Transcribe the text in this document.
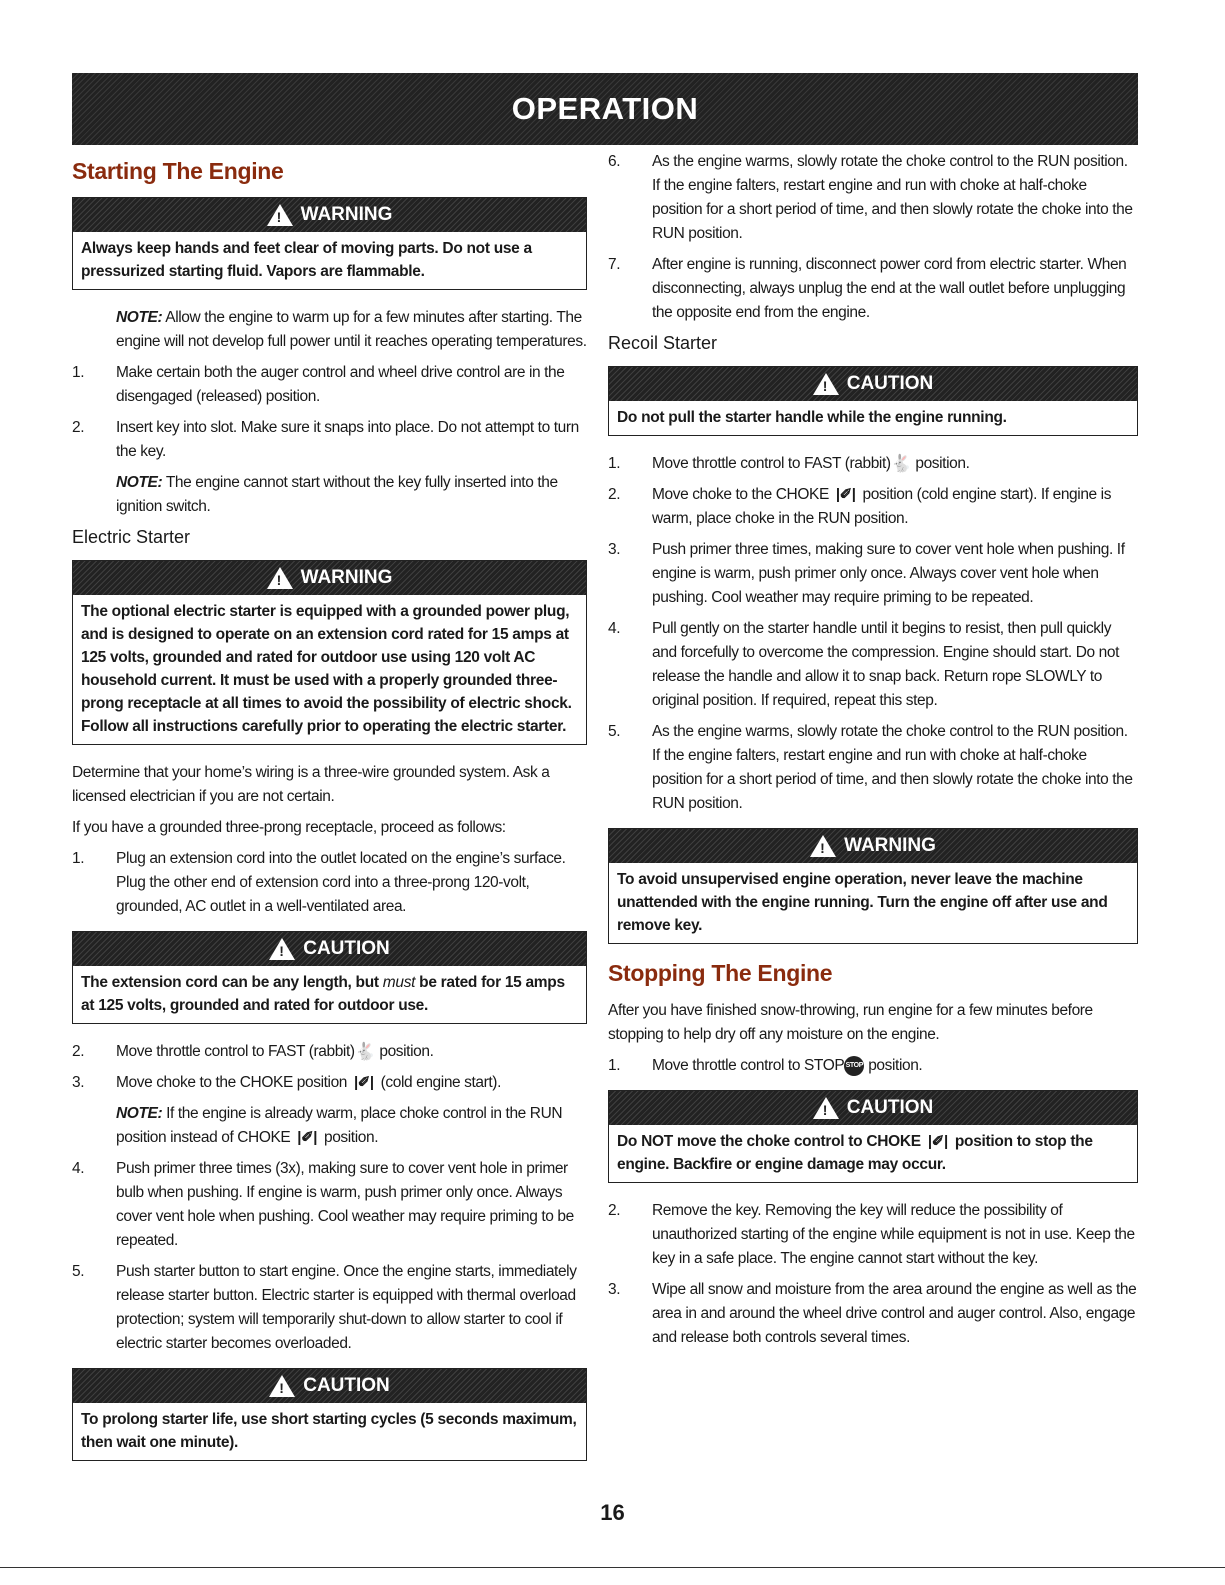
OPERATION
Starting The Engine
! WARNING
Always keep hands and feet clear of moving parts. Do not use a pressurized starting fluid. Vapors are flammable.

NOTE: Allow the engine to warm up for a few minutes after starting. The engine will not develop full power until it reaches operating temperatures.

1.	Make certain both the auger control and wheel drive control are in the disengaged (released) position.
2.	Insert key into slot. Make sure it snaps into place. Do not attempt to turn the key.

NOTE: The engine cannot start without the key fully inserted into the ignition switch.

Electric Starter
! WARNING
The optional electric starter is equipped with a grounded power plug, and is designed to operate on an extension cord rated for 15 amps at 125 volts, grounded and rated for outdoor use using 120 volt AC household current. It must be used with a properly grounded three-prong receptacle at all times to avoid the possibility of electric shock. Follow all instructions carefully prior to operating the electric starter.

Determine that your home’s wiring is a three-wire grounded system. Ask a licensed electrician if you are not certain.

If you have a grounded three-prong receptacle, proceed as follows:

1.	Plug an extension cord into the outlet located on the engine’s surface. Plug the other end of extension cord into a three-prong 120-volt, grounded, AC outlet in a well-ventilated area.
! CAUTION
The extension cord can be any length, but must be rated for 15 amps at 125 volts, grounded and rated for outdoor use.
2.	Move throttle control to FAST (rabbit)🐇 position.
3.	Move choke to the CHOKE position |✐| (cold engine start).

NOTE: If the engine is already warm, place choke control in the RUN position instead of CHOKE |✐| position.

4.	Push primer three times (3x), making sure to cover vent hole in primer bulb when pushing. If engine is warm, push primer only once. Always cover vent hole when pushing. Cool weather may require priming to be repeated.
5.	Push starter button to start engine. Once the engine starts, immediately release starter button. Electric starter is equipped with thermal overload protection; system will temporarily shut-down to allow starter to cool if electric starter becomes overloaded.
! CAUTION
To prolong starter life, use short starting cycles (5 seconds maximum, then wait one minute).
6.	As the engine warms, slowly rotate the choke control to the RUN position. If the engine falters, restart engine and run with choke at half-choke position for a short period of time, and then slowly rotate the choke into the RUN position.
7.	After engine is running, disconnect power cord from electric starter. When disconnecting, always unplug the end at the wall outlet before unplugging the opposite end from the engine.
Recoil Starter
! CAUTION
Do not pull the starter handle while the engine running.
1.	Move throttle control to FAST (rabbit)🐇 position.
2.	Move choke to the CHOKE |✐| position (cold engine start). If engine is warm, place choke in the RUN position.
3.	Push primer three times, making sure to cover vent hole when pushing. If engine is warm, push primer only once. Always cover vent hole when pushing. Cool weather may require priming to be repeated.
4.	Pull gently on the starter handle until it begins to resist, then pull quickly and forcefully to overcome the compression. Engine should start. Do not release the handle and allow it to snap back. Return rope SLOWLY to original position. If required, repeat this step.
5.	As the engine warms, slowly rotate the choke control to the RUN position. If the engine falters, restart engine and run with choke at half-choke position for a short period of time, and then slowly rotate the choke into the RUN position.
! WARNING
To avoid unsupervised engine operation, never leave the machine unattended with the engine running. Turn the engine off after use and remove key.
Stopping The Engine

After you have finished snow-throwing, run engine for a few minutes before stopping to help dry off any moisture on the engine.

1.	Move throttle control to STOPSTOP position.
! CAUTION
Do NOT move the choke control to CHOKE |✐| position to stop the engine. Backfire or engine damage may occur.
2.	Remove the key. Removing the key will reduce the possibility of unauthorized starting of the engine while equipment is not in use. Keep the key in a safe place. The engine cannot start without the key.
3.	Wipe all snow and moisture from the area around the engine as well as the area in and around the wheel drive control and auger control. Also, engage and release both controls several times.
16
